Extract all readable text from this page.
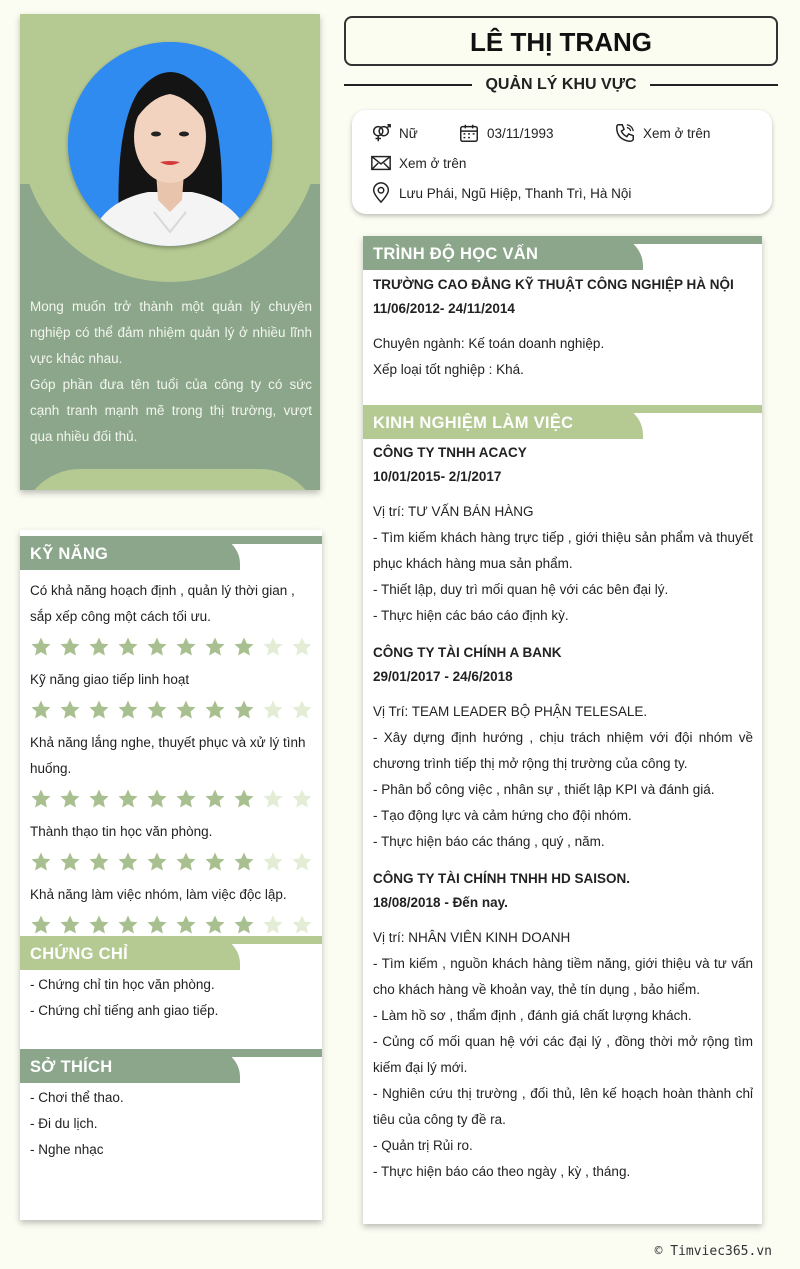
Mong muốn trở thành một quản lý chuyên nghiệp có thể đảm nhiệm quản lý ở nhiều lĩnh vực khác nhau.

Góp phần đưa tên tuổi của công ty có sức cạnh tranh mạnh mẽ trong thị trường, vượt qua nhiều đối thủ.

KỸ NĂNG
Có khả năng hoạch định , quản lý thời gian , sắp xếp công một cách tối ưu.
Kỹ năng giao tiếp linh hoạt
Khả năng lắng nghe, thuyết phục và xử lý tình huống.
Thành thạo tin học văn phòng.
Khả năng làm việc nhóm, làm việc độc lập.
CHỨNG CHỈ
- Chứng chỉ tin học văn phòng.
- Chứng chỉ tiếng anh giao tiếp.
SỞ THÍCH
- Chơi thể thao.
- Đi du lịch.
- Nghe nhạc
LÊ THỊ TRANG
QUẢN LÝ KHU VỰC
Nữ	03/11/1993	Xem ở trên
Xem ở trên
Lưu Phái, Ngũ Hiệp, Thanh Trì, Hà Nội
TRÌNH ĐỘ HỌC VẤN
TRƯỜNG CAO ĐẲNG KỸ THUẬT CÔNG NGHIỆP HÀ NỘI
11/06/2012- 24/11/2014
Chuyên ngành: Kế toán doanh nghiệp.
Xếp loại tốt nghiệp : Khá.
KINH NGHIỆM LÀM VIỆC
CÔNG TY TNHH ACACY
10/01/2015- 2/1/2017
Vị trí: TƯ VẤN BÁN HÀNG
- Tìm kiếm khách hàng trực tiếp , giới thiệu sản phẩm và thuyết phục khách hàng mua sản phẩm.
- Thiết lập, duy trì mối quan hệ với các bên đại lý.
- Thực hiện các báo cáo định kỳ.
CÔNG TY TÀI CHÍNH A BANK
29/01/2017 - 24/6/2018
Vị Trí: TEAM LEADER BỘ PHẬN TELESALE.
- Xây dựng định hướng , chịu trách nhiệm với đội nhóm về chương trình tiếp thị mở rộng thị trường của công ty.
- Phân bổ công việc , nhân sự , thiết lập KPI và đánh giá.
- Tạo động lực và cảm hứng cho đội nhóm.
- Thực hiện báo các tháng , quý , năm.
CÔNG TY TÀI CHÍNH TNHH HD SAISON.
18/08/2018 - Đến nay.
Vị trí: NHÂN VIÊN KINH DOANH
- Tìm kiếm , nguồn khách hàng tiềm năng, giới thiệu và tư vấn cho khách hàng về khoản vay, thẻ tín dụng , bảo hiểm.
- Làm hồ sơ , thẩm định , đánh giá chất lượng khách.
- Củng cố mối quan hệ với các đại lý , đồng thời mở rộng tìm kiếm đại lý mới.
- Nghiên cứu thị trường , đối thủ, lên kế hoạch hoàn thành chỉ tiêu của công ty đề ra.
- Quản trị Rủi ro.
- Thực hiện báo cáo theo ngày , kỳ , tháng.
© Timviec365.vn
